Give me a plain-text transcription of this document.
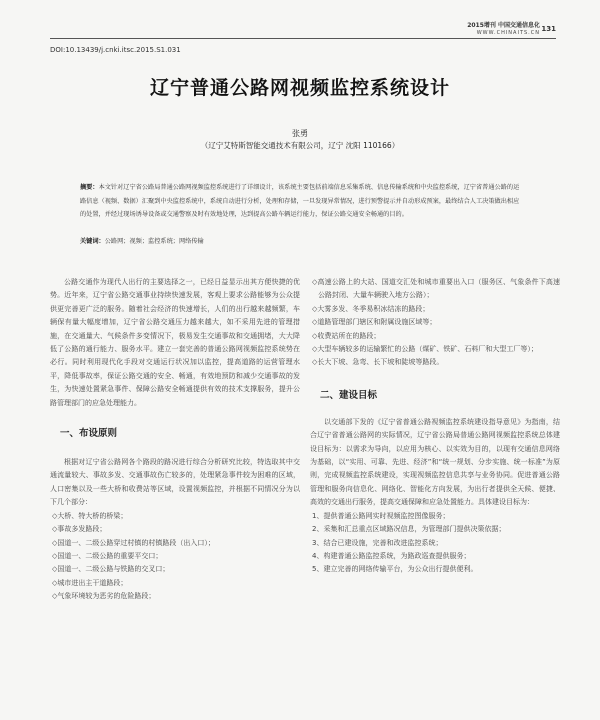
2015增刊 中国交通信息化 131
WWW.CHINAITS.CN
DOI:10.13439/j.cnki.itsc.2015.S1.031
辽宁普通公路网视频监控系统设计
张勇
（辽宁艾特斯智能交通技术有限公司，辽宁 沈阳 110166）
摘要：本文针对辽宁省公路局普通公路网视频监控系统进行了详细设计，该系统主要包括前端信息采集系统、信息传输系统和中央监控系统，辽宁省普通公路的运路信息（视频、数据）汇聚到中央监控系统中，系统自动进行分析，处理和存储，一旦发现异常情况，进行预警提示并自动形成预案，最终结合人工决策做出相应的处置，并经过现场诱导设备或交通警察及时有效地处理，达到提高公路车辆运行能力，保证公路交通安全畅通的目的。
关键词：公路网；视频；监控系统；网络传输

公路交通作为现代人出行的主要选择之一，已经日益显示出其方便快捷的优势。近年来，辽宁省公路交通事业持续快速发展，客观上要求公路能够为公众提供更完善更广泛的服务。随着社会经济的快速增长，人们的出行越来越频繁，车辆保有量大幅度增加，辽宁省公路交通压力越来越大，如不采用先进的管理措施，在交通量大、气候条件多变情况下，极易发生交通事故和交通拥堵，大大降低了公路的通行能力、服务水平。建立一套完善的普通公路网视频监控系统势在必行。同时利用现代化手段对交通运行状况加以监控，提高道路的运营管理水平，降低事故率，保证公路交通的安全、畅通，有效地预防和减少交通事故的发生，为快速处置紧急事件、保障公路安全畅通提供有效的技术支撑服务，提升公路管理部门的应急处理能力。

一、布设原则

根据对辽宁省公路网各个路段的路况进行综合分析研究比较，特选取其中交通流量较大、事故多发、交通事故伤亡较多的，处理紧急事件较为困难的区域，人口密集以及一些大桥和收费站等区域，设置视频监控，并根据不同情况分为以下几个部分：

◇大桥、特大桥的桥梁；

◇事故多发路段；

◇国道一、二级公路穿过村镇的村镇路段（出入口）；

◇国道一、二级公路的重要平交口；

◇国道一、二级公路与铁路的交叉口；

◇城市进出主干道路段；

◇气象环境较为恶劣的危险路段；

◇高速公路上的大站、国道交汇处和城市重要出入口（服务区、气象条件下高速公路封闭、大量车辆驶入地方公路）；

◇大雾多发、冬季易积冰结冻的路段；

◇道路管理部门辖区和附属设施区域等；

◇收费站所在的路段；

◇大型车辆较多的运输繁忙的公路（煤矿、铁矿、石料厂和大型工厂等）；

◇长大下坡、急弯、长下坡和陡坡等路段。

二、建设目标

以交通部下发的《辽宁省普通公路视频监控系统建设指导意见》为指南，结合辽宁省普通公路网的实际情况，辽宁省公路局普通公路网视频监控系统总体建设目标为：以需求为导向，以应用为核心、以实效为目的，以现有交通信息网络为基础，以“实用、可靠、先进、经济”和“统一规划、分步实施、统一标准”为原则，完成视频监控系统建设，实现视频监控信息共享与业务协同。促进普通公路管理和服务向信息化、网络化、智能化方向发展，为出行者提供全天候、便捷、高效的交通出行服务，提高交通保障和应急处置能力。具体建设目标为：

1、提供普通公路网实时视频监控图像服务；

2、采集和汇总重点区域路况信息，为管理部门提供决策依据；

3、结合已建设施，完善和改进监控系统；

4、构建普通公路监控系统，为路政巡查提供服务；

5、建立完善的网络传输平台，为公众出行提供便利。
